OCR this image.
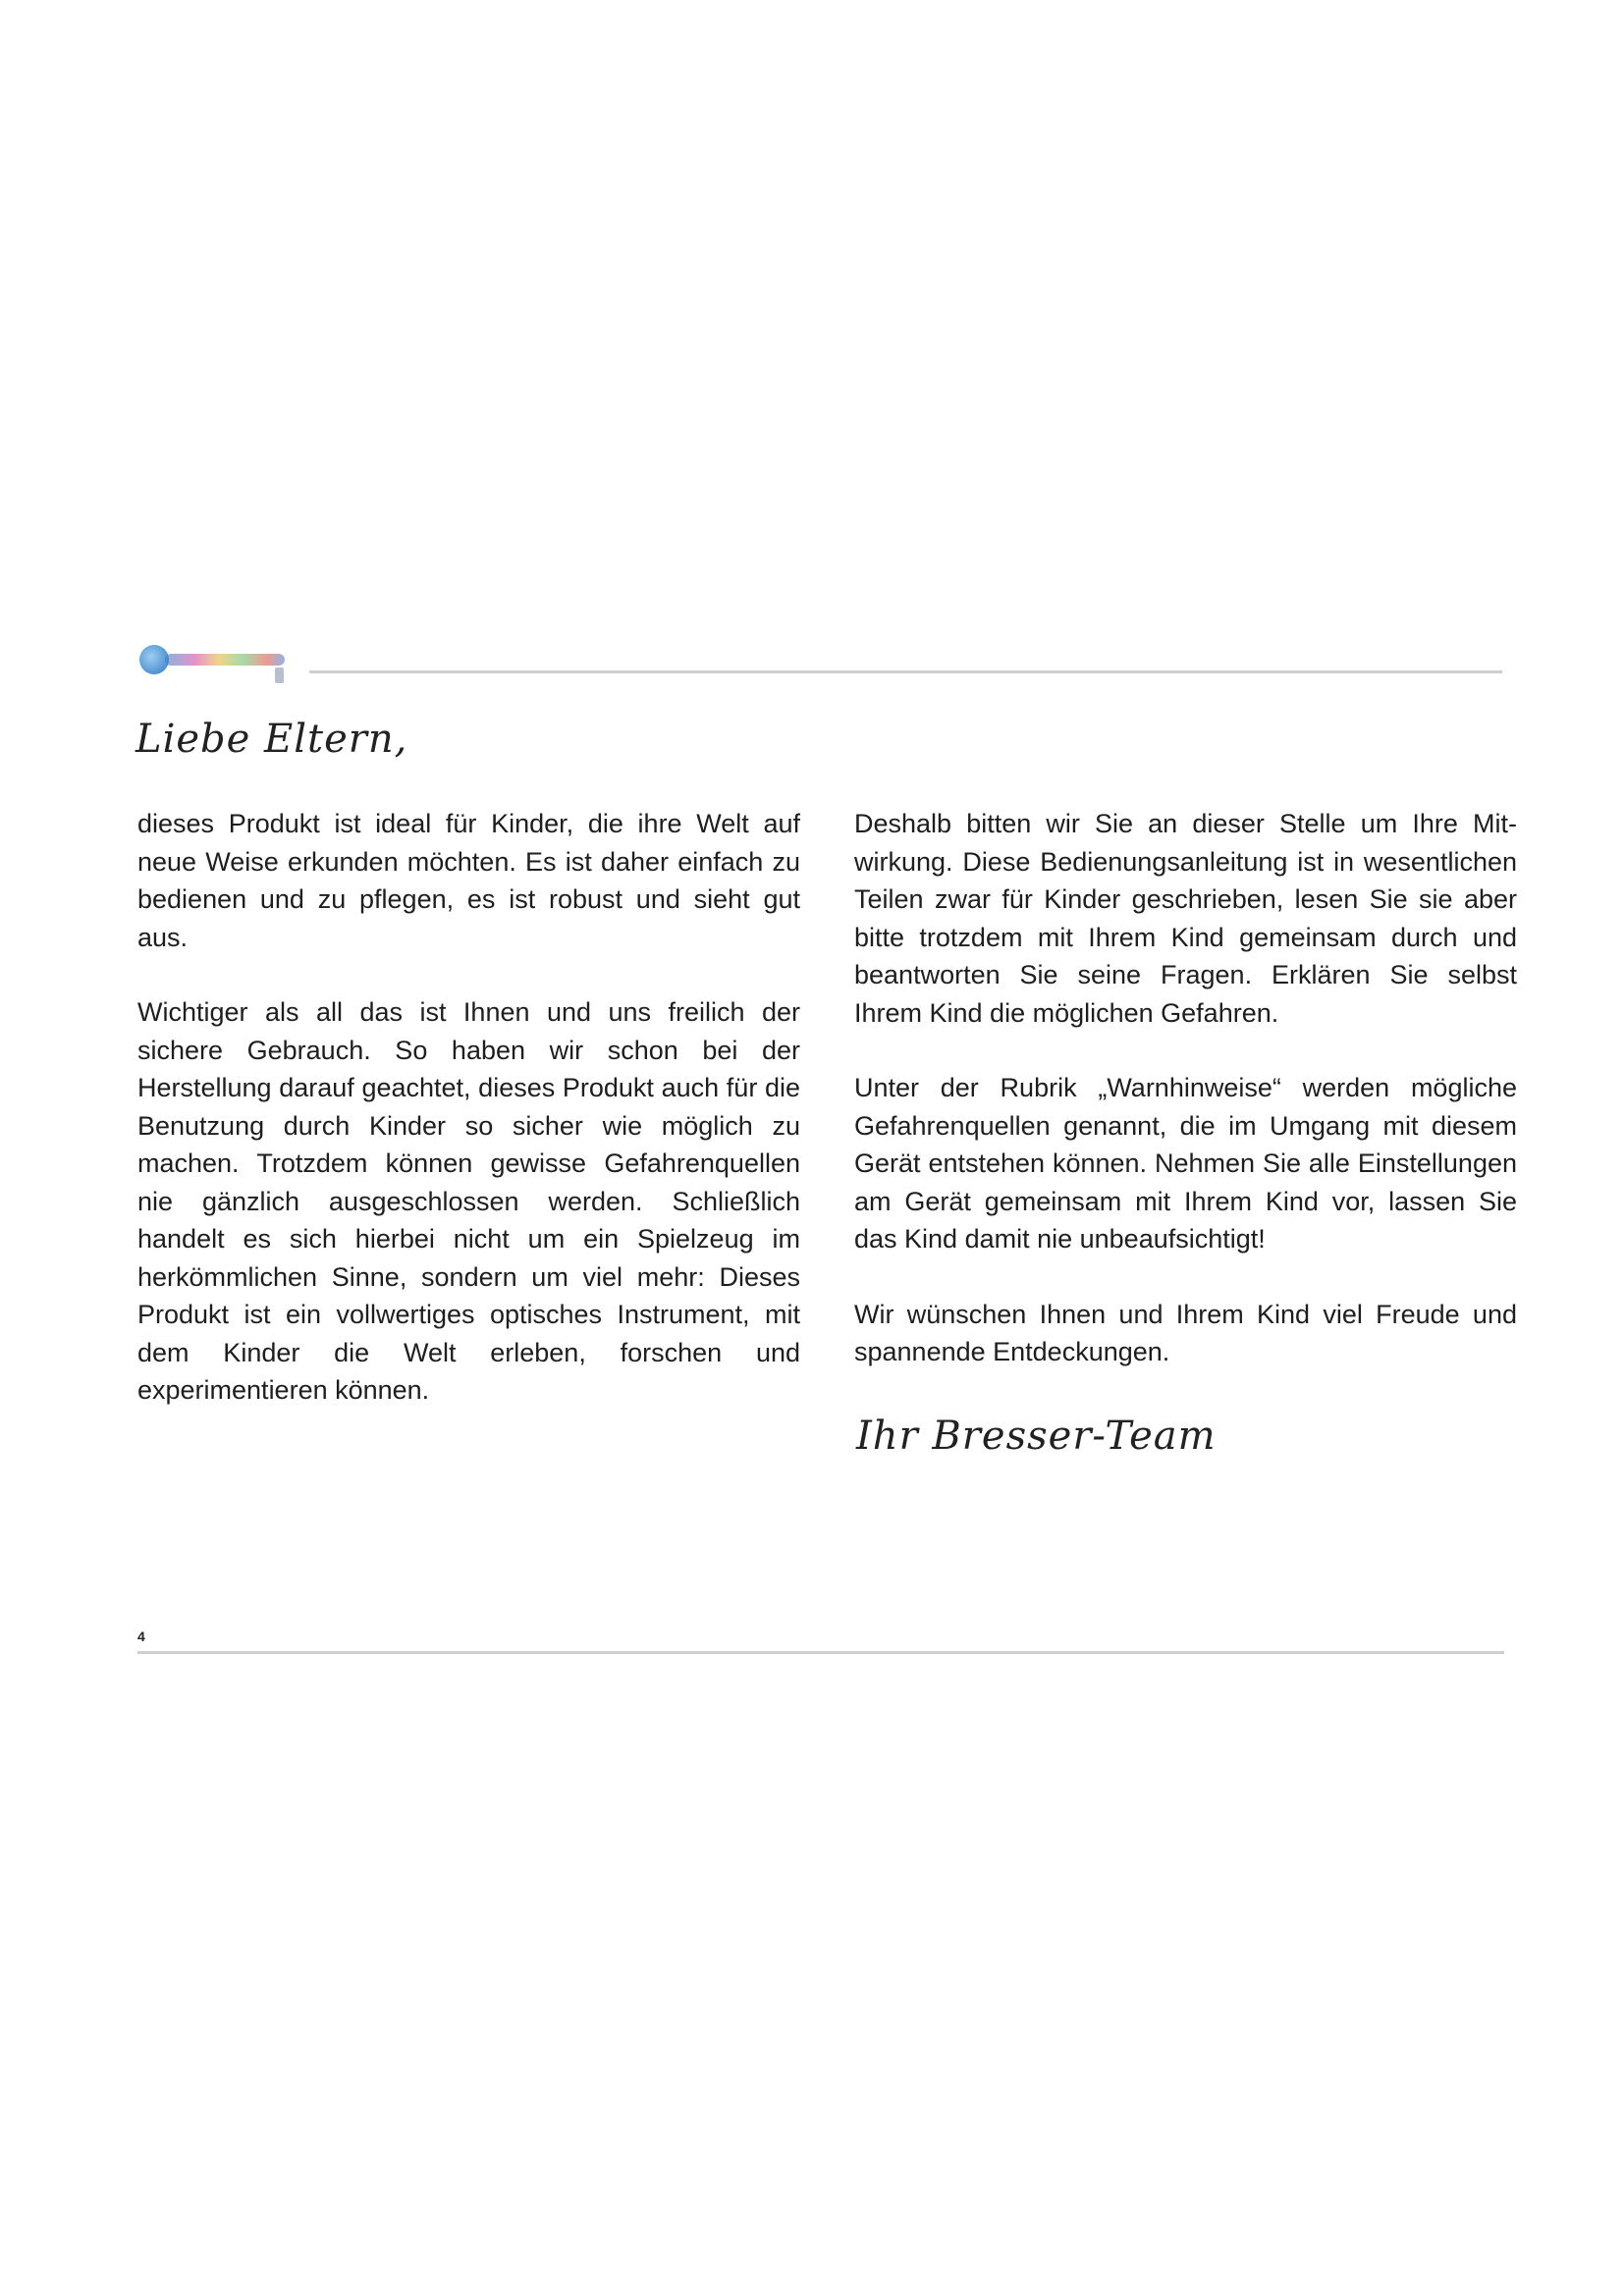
Liebe Eltern,

dieses Produkt ist ideal für Kinder, die ihre Welt auf neue Weise erkunden möchten. Es ist daher einfach zu bedienen und zu pflegen, es ist robust und sieht gut aus.

Wichtiger als all das ist Ihnen und uns freilich der sichere Gebrauch. So haben wir schon bei der Herstellung darauf geachtet, dieses Produkt auch für die Benutzung durch Kinder so sicher wie möglich zu machen. Trotzdem können gewisse Gefahrenquellen nie gänzlich ausgeschlossen werden. Schließlich handelt es sich hierbei nicht um ein Spielzeug im herkömmlichen Sinne, sondern um viel mehr: Dieses Produkt ist ein vollwertiges optisches Instrument, mit dem Kinder die Welt erleben, forschen und experimentieren können.

Deshalb bitten wir Sie an dieser Stelle um Ihre Mitwirkung. Diese Bedienungsanleitung ist in wesentlichen Teilen zwar für Kinder geschrieben, lesen Sie sie aber bitte trotzdem mit Ihrem Kind gemeinsam durch und beantworten Sie seine Fragen. Erklären Sie selbst Ihrem Kind die möglichen Gefahren.

Unter der Rubrik „Warnhinweise“ werden mögliche Gefahrenquellen genannt, die im Umgang mit diesem Gerät entstehen können. Nehmen Sie alle Einstellungen am Gerät gemeinsam mit Ihrem Kind vor, lassen Sie das Kind damit nie unbeaufsichtigt!

Wir wünschen Ihnen und Ihrem Kind viel Freude und spannende Entdeckungen.

Ihr Bresser-Team
4
